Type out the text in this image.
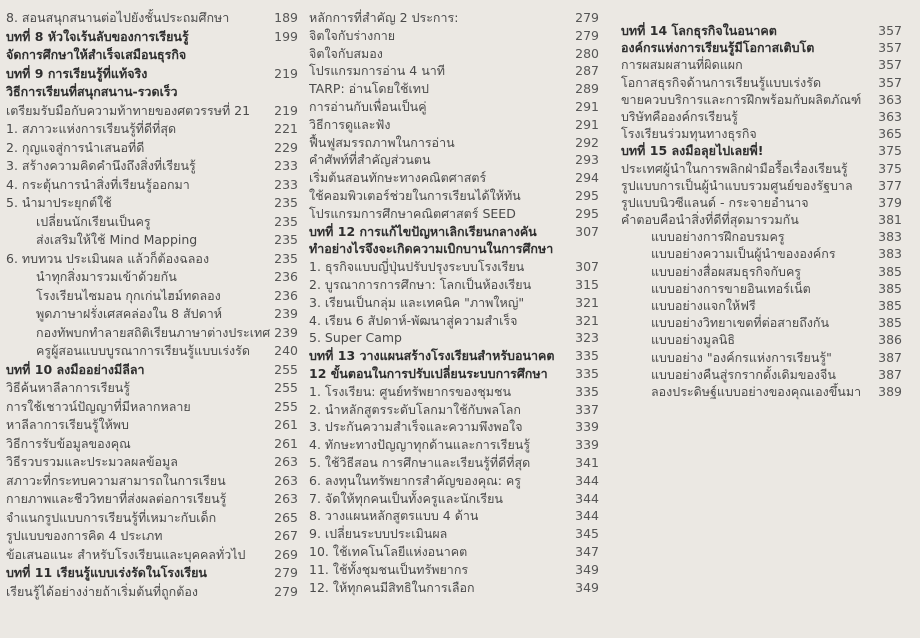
8. สอนสนุกสนานต่อไปยังชั้นประถมศึกษา	189
บทที่ 8 หัวใจเร้นลับของการเรียนรู้	199
จัดการศึกษาให้สำเร็จเสมือนธุรกิจ
บทที่ 9 การเรียนรู้ที่แท้จริง	219
วิธีการเรียนที่สนุกสนาน-รวดเร็ว
เตรียมรับมือกับความท้าทายของศตวรรษที่ 21 219
1. สภาวะแห่งการเรียนรู้ที่ดีที่สุด	221
2. กุญแจสู่การนำเสนอที่ดี	229
3. สร้างความคิดคำนึงถึงสิ่งที่เรียนรู้	233
4. กระตุ้นการนำสิ่งที่เรียนรู้ออกมา	233
5. นำมาประยุกต์ใช้	235
เปลี่ยนนักเรียนเป็นครู	235
ส่งเสริมให้ใช้ Mind Mapping	235
6. ทบทวน ประเมินผล แล้วก็ต้องฉลอง	235
นำทุกสิ่งมารวมเข้าด้วยกัน	236
โรงเรียนไซมอน กุกเก่นไฮม์ทดลอง	236
พูดภาษาฝรั่งเศสคล่องใน 8 สัปดาห์	239
กองทัพบกทำลายสถิติเรียนภาษาต่างประเทศ 239
ครูผู้สอนแบบบูรณาการเรียนรู้แบบเร่งรัด 240
บทที่ 10 ลงมืออย่างมีลีลา	255
วิธีค้นหาลีลาการเรียนรู้	255
การใช้เชาวน์ปัญญาที่มีหลากหลาย	255
หาลีลาการเรียนรู้ให้พบ	261
วิธีการรับข้อมูลของคุณ	261
วิธีรวบรวมและประมวลผลข้อมูล	263
สภาวะที่กระทบความสามารถในการเรียน	263
กายภาพและชีววิทยาที่ส่งผลต่อการเรียนรู้	263
จำแนกรูปแบบการเรียนรู้ที่เหมาะกับเด็ก	265
รูปแบบของการคิด 4 ประเภท	267
ข้อเสนอแนะ สำหรับโรงเรียนและบุคคลทั่วไป 269
บทที่ 11 เรียนรู้แบบเร่งรัดในโรงเรียน	279
เรียนรู้ได้อย่างง่ายถ้าเริ่มต้นที่ถูกต้อง	279
หลักการที่สำคัญ 2 ประการ:	279
จิตใจกับร่างกาย	279
จิตใจกับสมอง	280
โปรแกรมการอ่าน 4 นาที	287
TARP: อ่านโดยใช้เทป	289
การอ่านกับเพื่อนเป็นคู่	291
วิธีการดูและฟัง	291
ฟื้นฟูสมรรถภาพในการอ่าน	292
คำศัพท์ที่สำคัญส่วนตน	293
เริ่มต้นสอนทักษะทางคณิตศาสตร์	294
ใช้คอมพิวเตอร์ช่วยในการเรียนได้ให้ทัน	295
โปรแกรมการศึกษาคณิตศาสตร์ SEED	295
บทที่ 12 การแก้ไขปัญหาเลิกเรียนกลางคัน	307
ทำอย่างไรจึงจะเกิดความเบิกบานในการศึกษา
1. ธุรกิจแบบญี่ปุ่นปรับปรุงระบบโรงเรียน	307
2. บูรณาการการศึกษา: โลกเป็นห้องเรียน	315
3. เรียนเป็นกลุ่ม และเทคนิค "ภาพใหญ่"	321
4. เรียน 6 สัปดาห์-พัฒนาสู่ความสำเร็จ	321
5. Super Camp	323
บทที่ 13 วางแผนสร้างโรงเรียนสำหรับอนาคต 335
12 ขั้นตอนในการปรับเปลี่ยนระบบการศึกษา 335
1. โรงเรียน: ศูนย์ทรัพยากรของชุมชน	335
2. นำหลักสูตรระดับโลกมาใช้กับพลโลก	337
3. ประกันความสำเร็จและความพึงพอใจ	339
4. ทักษะทางปัญญาทุกด้านและการเรียนรู้	339
5. ใช้วิธีสอน การศึกษาและเรียนรู้ที่ดีที่สุด	341
6. ลงทุนในทรัพยากรสำคัญของคุณ: ครู	344
7. จัดให้ทุกคนเป็นทั้งครูและนักเรียน	344
8. วางแผนหลักสูตรแบบ 4 ด้าน	344
9. เปลี่ยนระบบประเมินผล	345
10. ใช้เทคโนโลยีแห่งอนาคต	347
11. ใช้ทั้งชุมชนเป็นทรัพยากร	349
12. ให้ทุกคนมีสิทธิในการเลือก	349
บทที่ 14 โลกธุรกิจในอนาคต	357
องค์กรแห่งการเรียนรู้มีโอกาสเติบโต	357
การผสมผสานที่ผิดแผก	357
โอกาสธุรกิจด้านการเรียนรู้แบบเร่งรัด	357
ขายควบบริการและการฝึกพร้อมกับผลิตภัณฑ์ 363
บริษัทคือองค์กรเรียนรู้	363
โรงเรียนร่วมทุนทางธุรกิจ	365
บทที่ 15 ลงมือลุยไปเลยพี่!	375
ประเทศผู้นำในการพลิกฝ่ามือรื้อเรื่องเรียนรู้ 375
รูปแบบการเป็นผู้นำแบบรวมศูนย์ของรัฐบาล 377
รูปแบบนิวซีแลนด์ - กระจายอำนาจ	379
คำตอบคือนำสิ่งที่ดีที่สุดมารวมกัน	381
แบบอย่างการฝึกอบรมครู	383
แบบอย่างความเป็นผู้นำขององค์กร	383
แบบอย่างสื่อผสมธุรกิจกับครู	385
แบบอย่างการขายอินเทอร์เน็ต	385
แบบอย่างแจกให้ฟรี	385
แบบอย่างวิทยาเขตที่ต่อสายถึงกัน	385
แบบอย่างมูลนิธิ	386
แบบอย่าง "องค์กรแห่งการเรียนรู้"	387
แบบอย่างคืนสู่รกรากดั้งเดิมของจีน	387
ลองประดิษฐ์แบบอย่างของคุณเองขึ้นมา 389
